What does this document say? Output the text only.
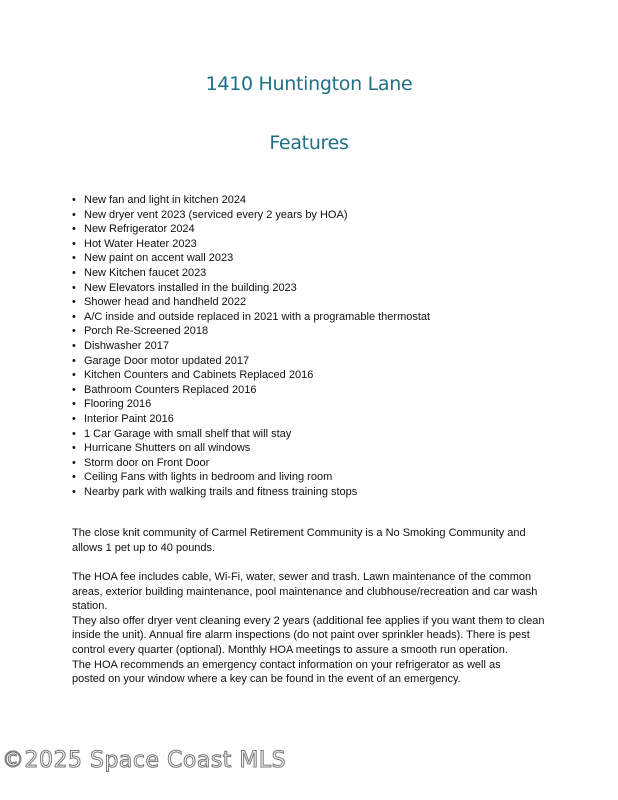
1410 Huntington Lane
Features
• New fan and light in kitchen 2024
• New dryer vent 2023 (serviced every 2 years by HOA)
• New Refrigerator 2024
• Hot Water Heater 2023
• New paint on accent wall 2023
• New Kitchen faucet 2023
• New Elevators installed in the building 2023
• Shower head and handheld 2022
• A/C inside and outside replaced in 2021 with a programable thermostat
• Porch Re-Screened 2018
• Dishwasher 2017
• Garage Door motor updated 2017
• Kitchen Counters and Cabinets Replaced 2016
• Bathroom Counters Replaced 2016
• Flooring 2016
• Interior Paint 2016
• 1 Car Garage with small shelf that will stay
• Hurricane Shutters on all windows
• Storm door on Front Door
• Ceiling Fans with lights in bedroom and living room
• Nearby park with walking trails and fitness training stops
The close knit community of Carmel Retirement Community is a No Smoking Community and
allows 1 pet up to 40 pounds.
The HOA fee includes cable, Wi-Fi, water, sewer and trash. Lawn maintenance of the common
areas, exterior building maintenance, pool maintenance and clubhouse/recreation and car wash
station.
They also offer dryer vent cleaning every 2 years (additional fee applies if you want them to clean
inside the unit). Annual fire alarm inspections (do not paint over sprinkler heads). There is pest
control every quarter (optional). Monthly HOA meetings to assure a smooth run operation.
The HOA recommends an emergency contact information on your refrigerator as well as
posted on your window where a key can be found in the event of an emergency.
©2025 Space Coast MLS
